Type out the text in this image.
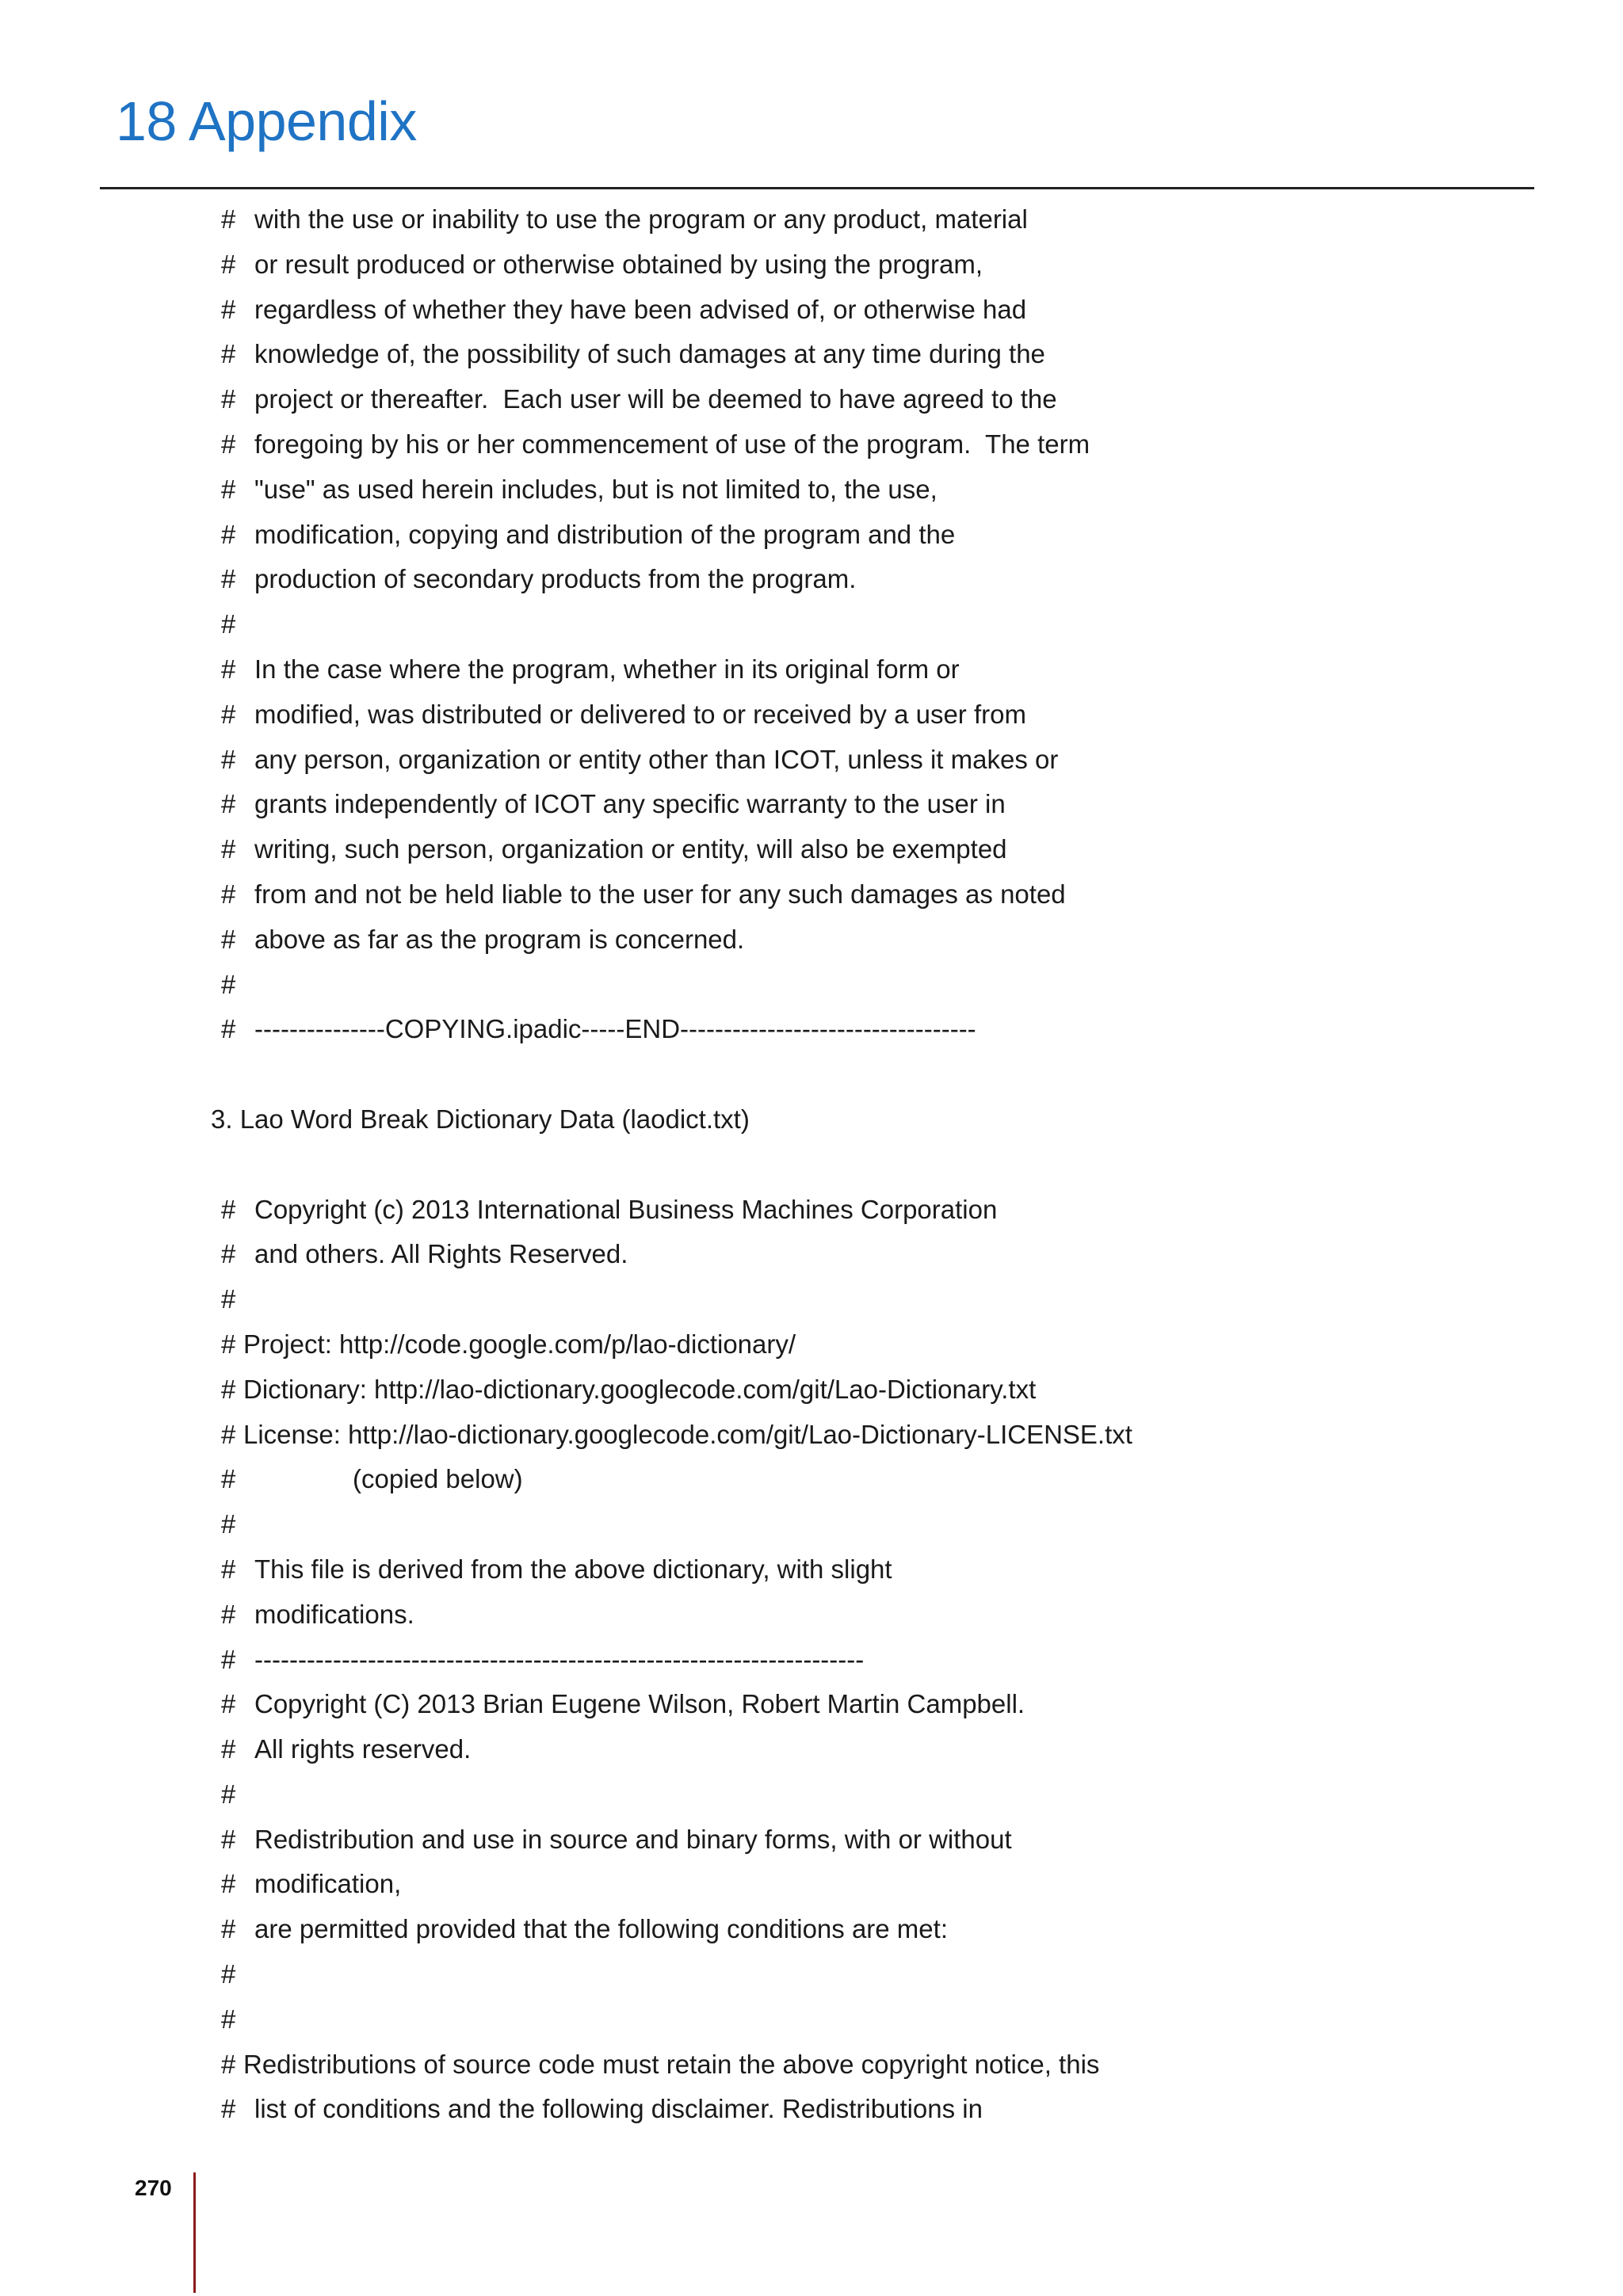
18 Appendix
# with the use or inability to use the program or any product, material
# or result produced or otherwise obtained by using the program,
# regardless of whether they have been advised of, or otherwise had
# knowledge of, the possibility of such damages at any time during the
# project or thereafter.  Each user will be deemed to have agreed to the
# foregoing by his or her commencement of use of the program.  The term
# "use" as used herein includes, but is not limited to, the use,
# modification, copying and distribution of the program and the
# production of secondary products from the program.
#
# In the case where the program, whether in its original form or
# modified, was distributed or delivered to or received by a user from
# any person, organization or entity other than ICOT, unless it makes or
# grants independently of ICOT any specific warranty to the user in
# writing, such person, organization or entity, will also be exempted
# from and not be held liable to the user for any such damages as noted
# above as far as the program is concerned.
#
# ---------------COPYING.ipadic-----END----------------------------------
3. Lao Word Break Dictionary Data (laodict.txt)
# Copyright (c) 2013 International Business Machines Corporation
# and others. All Rights Reserved.
#
# Project: http://code.google.com/p/lao-dictionary/
# Dictionary: http://lao-dictionary.googlecode.com/git/Lao-Dictionary.txt
# License: http://lao-dictionary.googlecode.com/git/Lao-Dictionary-LICENSE.txt
#	(copied below)
#
# This file is derived from the above dictionary, with slight
# modifications.
# ----------------------------------------------------------------------
# Copyright (C) 2013 Brian Eugene Wilson, Robert Martin Campbell.
# All rights reserved.
#
# Redistribution and use in source and binary forms, with or without
# modification,
# are permitted provided that the following conditions are met:
#
#
# Redistributions of source code must retain the above copyright notice, this
# list of conditions and the following disclaimer. Redistributions in
270
